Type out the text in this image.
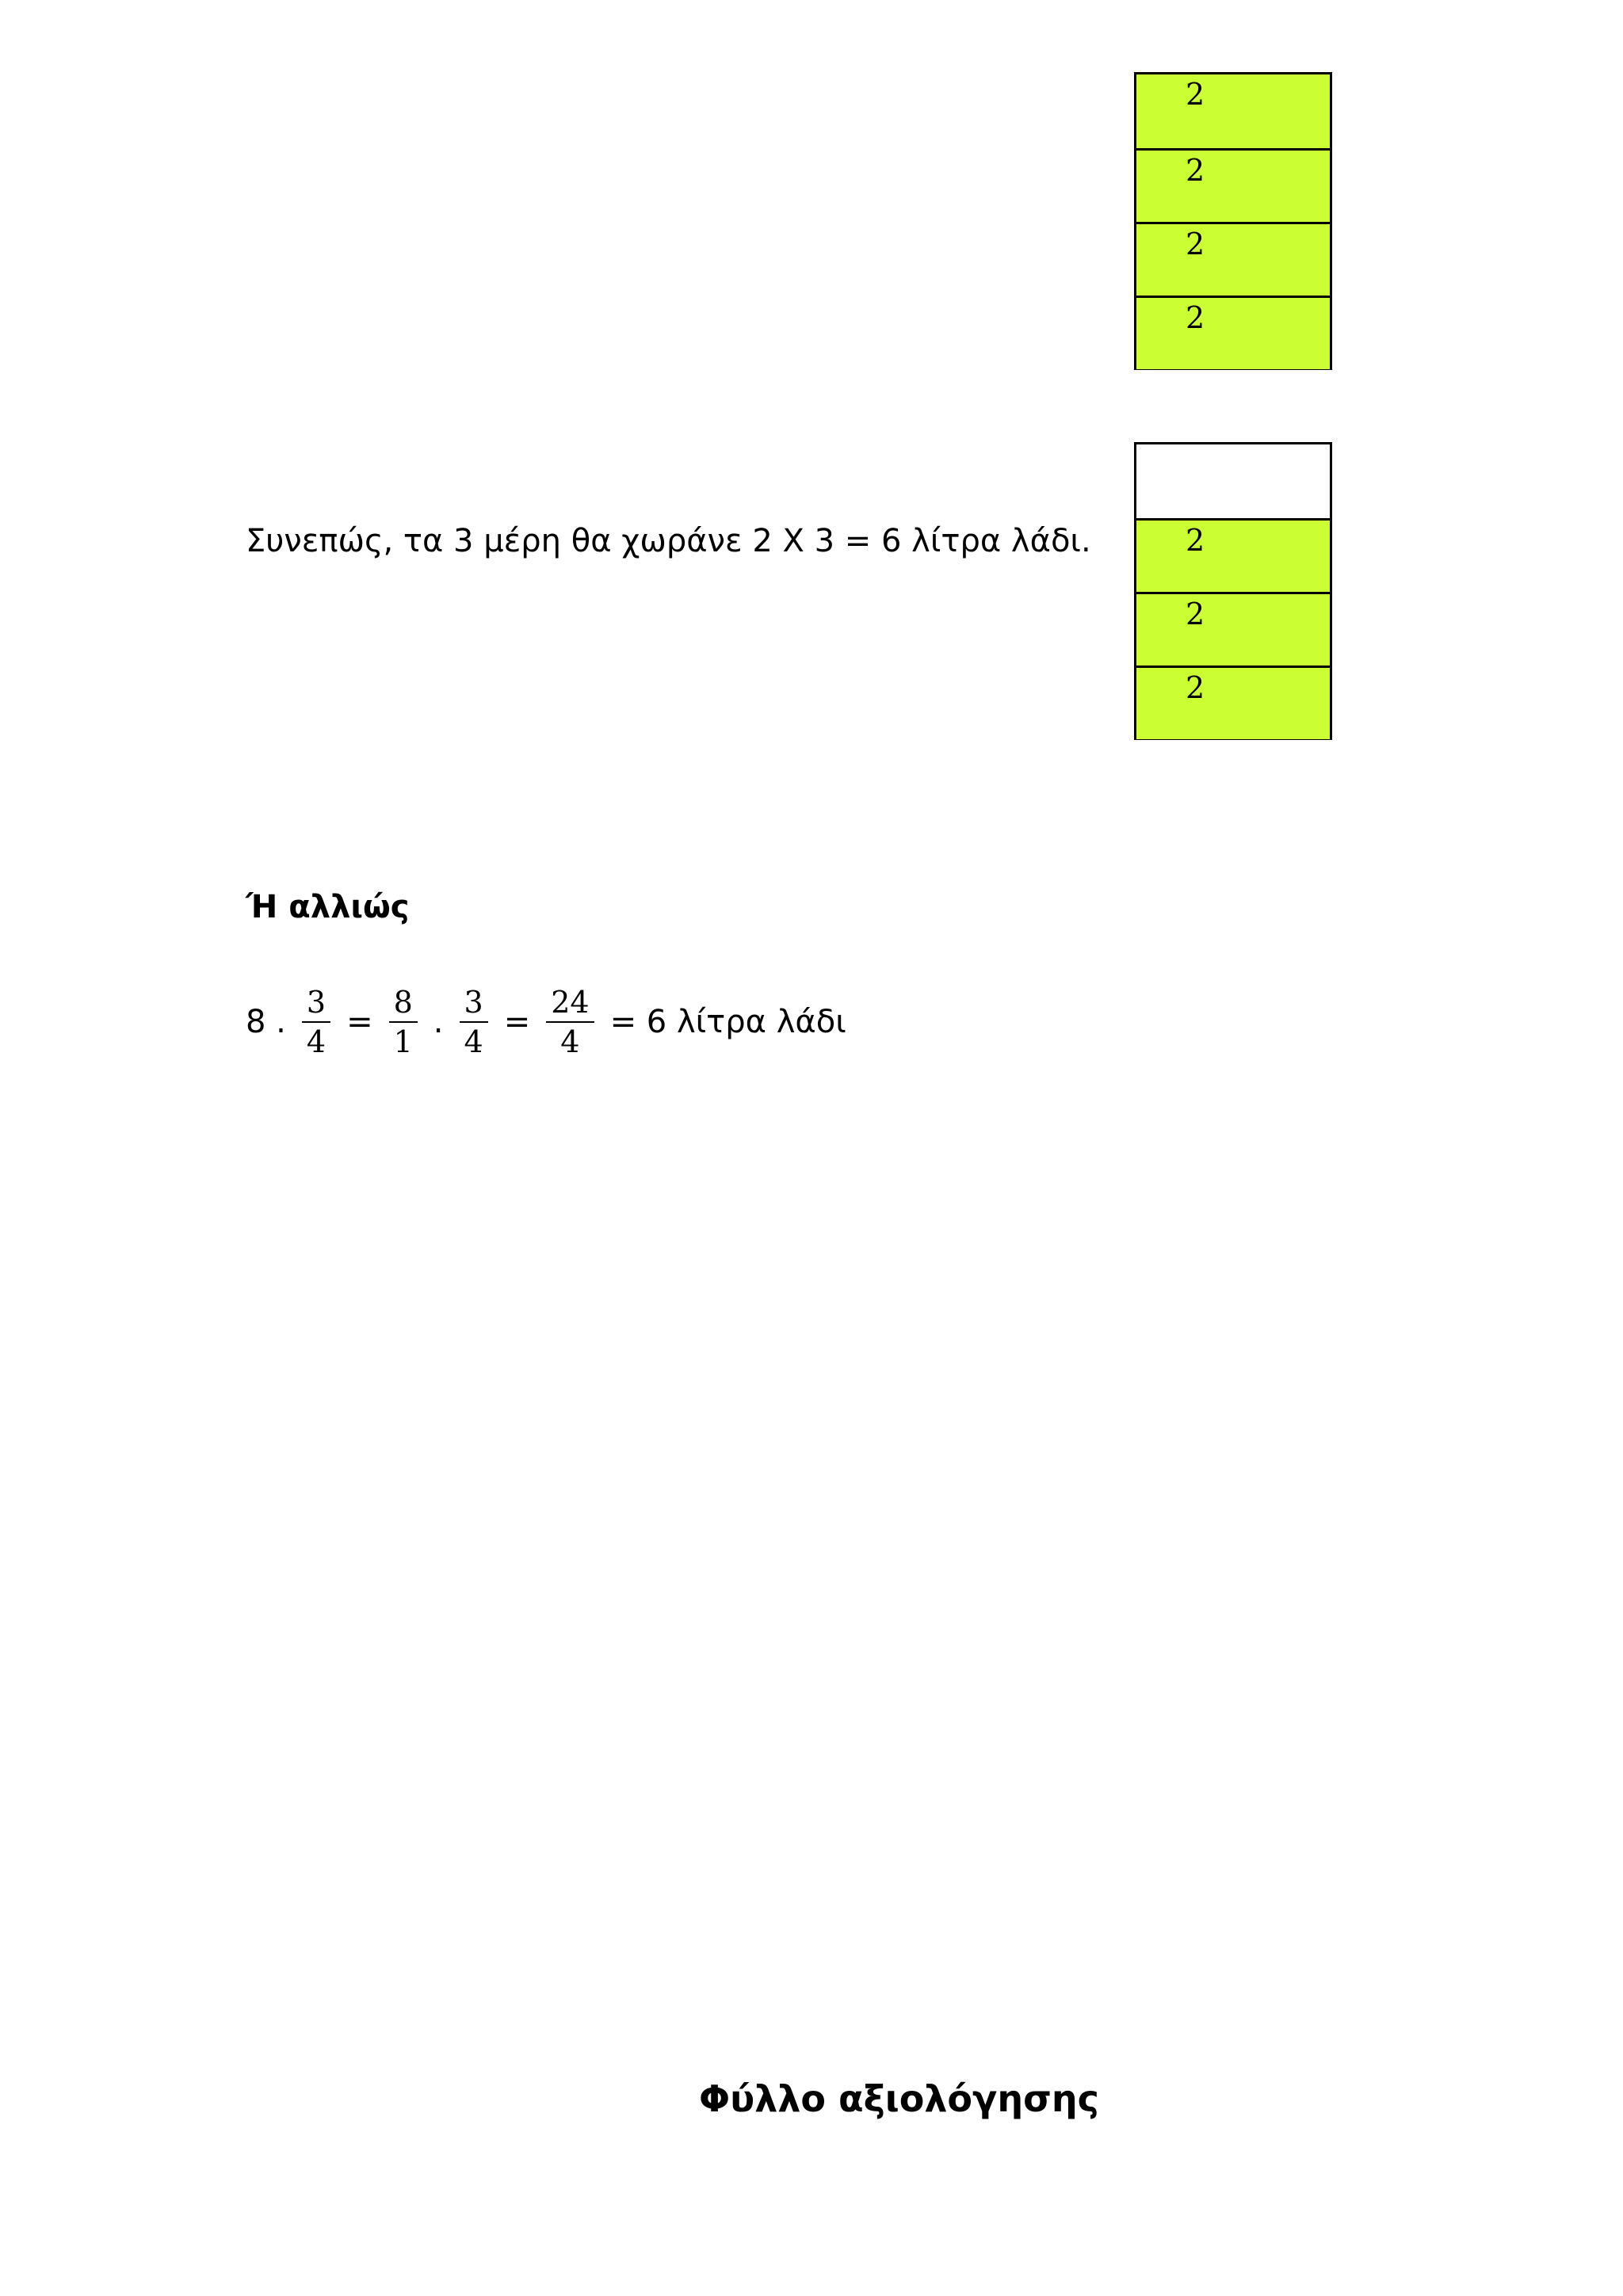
2
2
2
2
2
2
2
Συνεπώς, τα 3 μέρη θα χωράνε 2 Χ 3 = 6 λίτρα λάδι.
Ή αλλιώς
8 . $\frac{3}{4} = \frac{8}{1}$ . $\frac{3}{4} = \frac{24}{4} = 6$ λίτρα λάδι
Φύλλο αξιολόγησης
